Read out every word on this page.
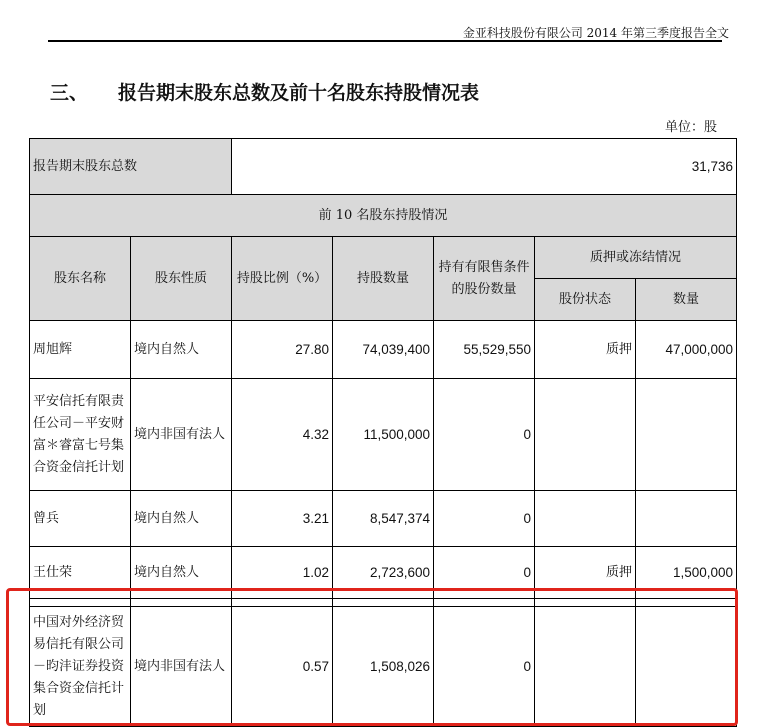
金亚科技股份有限公司 2014 年第三季度报告全文
三、 报告期末股东总数及前十名股东持股情况表
单位：股
报告期末股东总数		31,736				
前 10 名股东持股情况						
股东名称	股东性质	持股比例（%）	持股数量	持有有限售条件的股份数量	质押或冻结情况	
					股份状态	数量
周旭辉	境内自然人	27.80	74,039,400	55,529,550	质押	47,000,000
平安信托有限责任公司－平安财富＊睿富七号集合资金信托计划	境内非国有法人	4.32	11,500,000	0		
曾兵	境内自然人	3.21	8,547,374	0		
王仕荣	境内自然人	1.02	2,723,600	0	质押	1,500,000

中国对外经济贸易信托有限公司－昀沣证券投资集合资金信托计划	境内非国有法人	0.57	1,508,026	0		
